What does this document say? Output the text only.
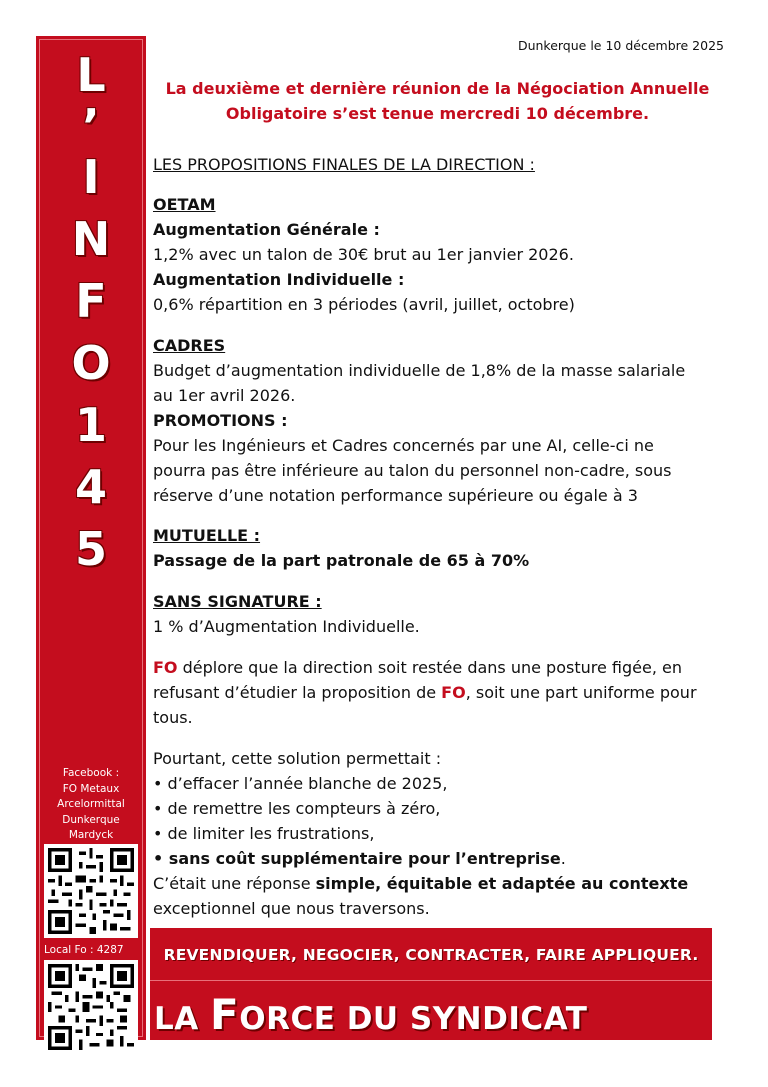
L
’
I
N
F
O
1
4
5
Facebook :
FO Metaux
Arcelormittal
Dunkerque
Mardyck
Local Fo : 4287
Site internet
Dunkerque le 10 décembre 2025
La deuxième et dernière réunion de la Négociation Annuelle
Obligatoire s’est tenue mercredi 10 décembre.

LES PROPOSITIONS FINALES DE LA DIRECTION :

OETAM

Augmentation Générale :

1,2% avec un talon de 30€ brut au 1er janvier 2026.

Augmentation Individuelle :

0,6% répartition en 3 périodes (avril, juillet, octobre)

CADRES

Budget d’augmentation individuelle de 1,8% de la masse salariale

au 1er avril 2026.

PROMOTIONS :

Pour les Ingénieurs et Cadres concernés par une AI, celle-ci ne

pourra pas être inférieure au talon du personnel non-cadre, sous

réserve d’une notation performance supérieure ou égale à 3

MUTUELLE :

Passage de la part patronale de 65 à 70%

SANS SIGNATURE :

1 % d’Augmentation Individuelle.

FO déplore que la direction soit restée dans une posture figée, en

refusant d’étudier la proposition de FO, soit une part uniforme pour

tous.

Pourtant, cette solution permettait :

• d’effacer l’année blanche de 2025,

• de remettre les compteurs à zéro,

• de limiter les frustrations,

• sans coût supplémentaire pour l’entreprise.

C’était une réponse simple, équitable et adaptée au contexte

exceptionnel que nous traversons.

REVENDIQUER, NEGOCIER, CONTRACTER, FAIRE APPLIQUER.
LA FORCE DU SYNDICAT
